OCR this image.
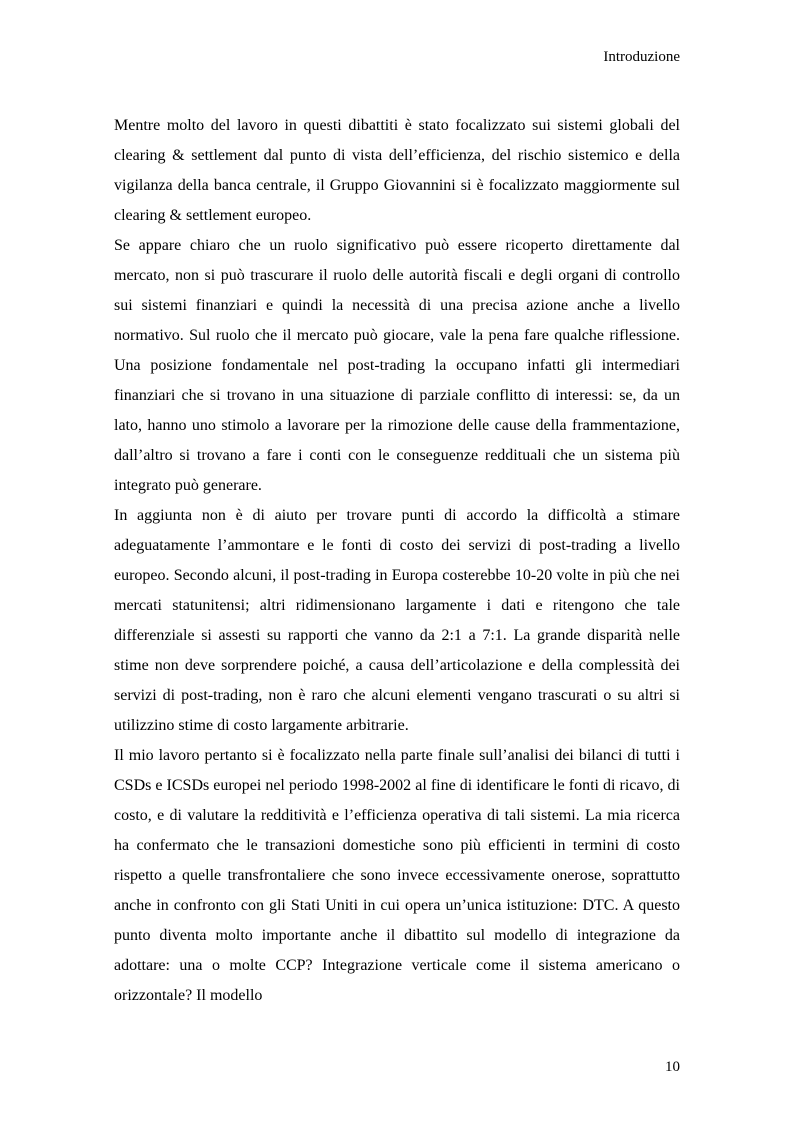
Introduzione

Mentre molto del lavoro in questi dibattiti è stato focalizzato sui sistemi globali del clearing & settlement dal punto di vista dell’efficienza, del rischio sistemico e della vigilanza della banca centrale, il Gruppo Giovannini si è focalizzato maggiormente sul clearing & settlement europeo.

Se appare chiaro che un ruolo significativo può essere ricoperto direttamente dal mercato, non si può trascurare il ruolo delle autorità fiscali e degli organi di controllo sui sistemi finanziari e quindi la necessità di una precisa azione anche a livello normativo. Sul ruolo che il mercato può giocare, vale la pena fare qualche riflessione. Una posizione fondamentale nel post-trading la occupano infatti gli intermediari finanziari che si trovano in una situazione di parziale conflitto di interessi: se, da un lato, hanno uno stimolo a lavorare per la rimozione delle cause della frammentazione, dall’altro si trovano a fare i conti con le conseguenze reddituali che un sistema più integrato può generare.

In aggiunta non è di aiuto per trovare punti di accordo la difficoltà a stimare adeguatamente l’ammontare e le fonti di costo dei servizi di post-trading a livello europeo. Secondo alcuni, il post-trading in Europa costerebbe 10-20 volte in più che nei mercati statunitensi; altri ridimensionano largamente i dati e ritengono che tale differenziale si assesti su rapporti che vanno da 2:1 a 7:1. La grande disparità nelle stime non deve sorprendere poiché, a causa dell’articolazione e della complessità dei servizi di post-trading, non è raro che alcuni elementi vengano trascurati o su altri si utilizzino stime di costo largamente arbitrarie.

Il mio lavoro pertanto si è focalizzato nella parte finale sull’analisi dei bilanci di tutti i CSDs e ICSDs europei nel periodo 1998-2002 al fine di identificare le fonti di ricavo, di costo, e di valutare la redditività e l’efficienza operativa di tali sistemi. La mia ricerca ha confermato che le transazioni domestiche sono più efficienti in termini di costo rispetto a quelle transfrontaliere che sono invece eccessivamente onerose, soprattutto anche in confronto con gli Stati Uniti in cui opera un’unica istituzione: DTC. A questo punto diventa molto importante anche il dibattito sul modello di integrazione da adottare: una o molte CCP? Integrazione verticale come il sistema americano o orizzontale? Il modello

10
